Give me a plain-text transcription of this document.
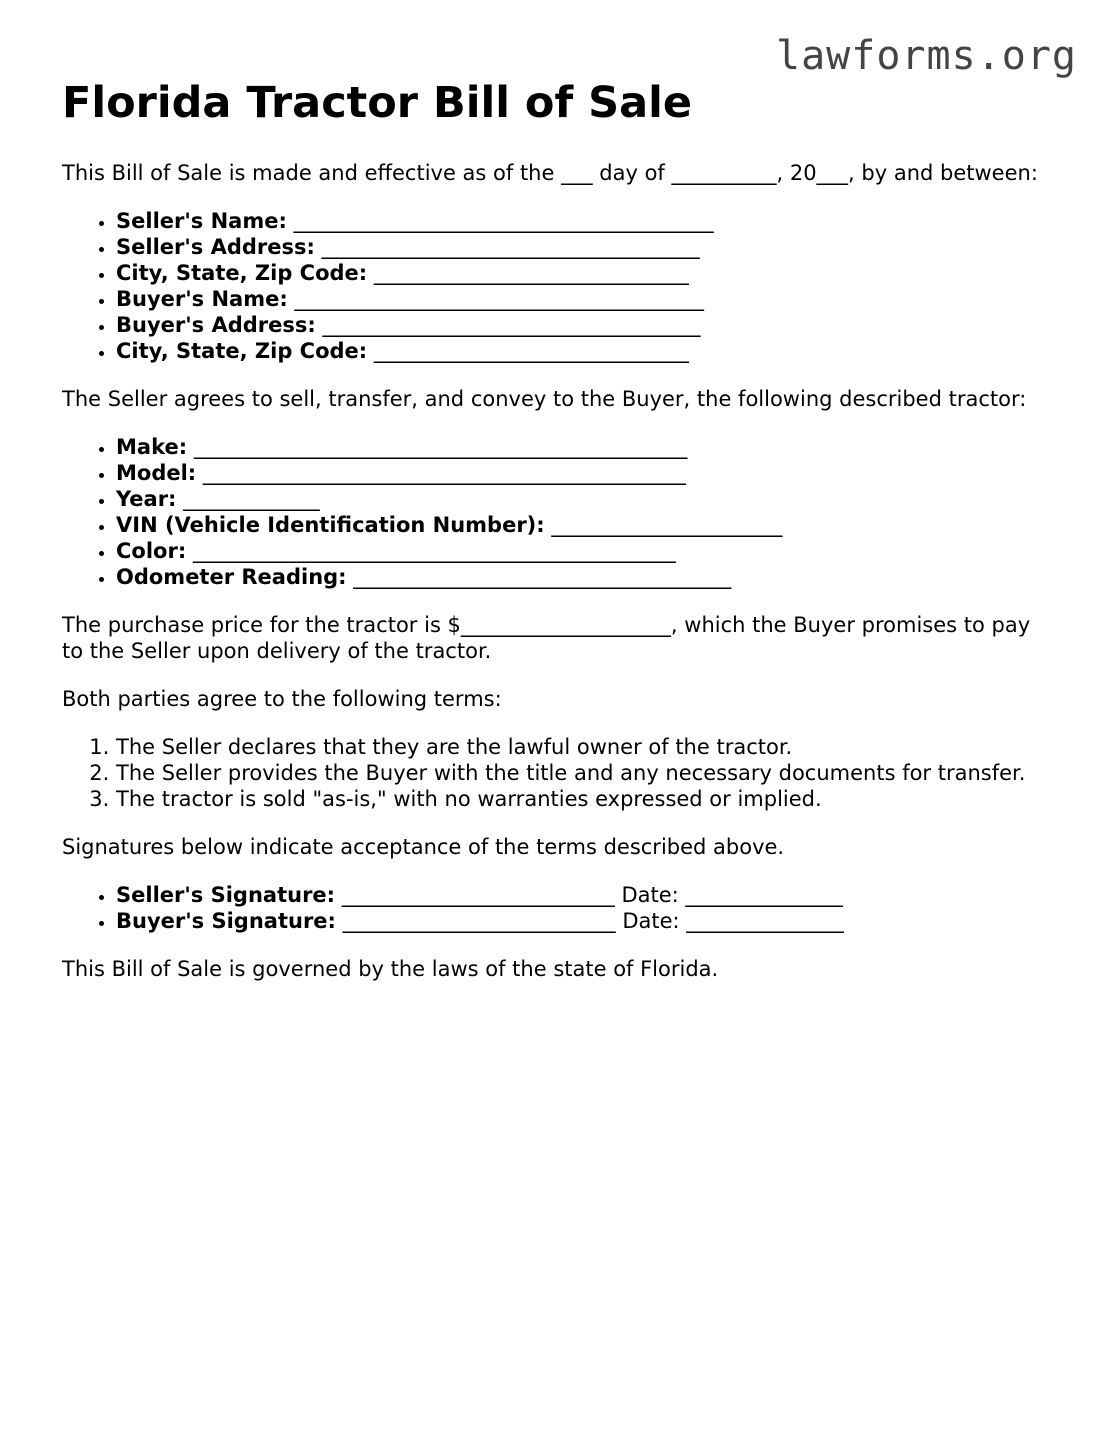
lawforms.org
Florida Tractor Bill of Sale

This Bill of Sale is made and effective as of the ___ day of __________, 20___, by and between:

• Seller's Name: ________________________________________
• Seller's Address: ____________________________________
• City, State, Zip Code: ______________________________
• Buyer's Name: _______________________________________
• Buyer's Address: ____________________________________
• City, State, Zip Code: ______________________________

The Seller agrees to sell, transfer, and convey to the Buyer, the following described tractor:

• Make: _______________________________________________
• Model: ______________________________________________
• Year: _____________
• VIN (Vehicle Identification Number): ______________________
• Color: ______________________________________________
• Odometer Reading: ____________________________________

The purchase price for the tractor is $____________________, which the Buyer promises to pay to the Seller upon delivery of the tractor.

Both parties agree to the following terms:

1. The Seller declares that they are the lawful owner of the tractor.
2. The Seller provides the Buyer with the title and any necessary documents for transfer.
3. The tractor is sold "as-is," with no warranties expressed or implied.

Signatures below indicate acceptance of the terms described above.

• Seller's Signature: __________________________ Date: _______________
• Buyer's Signature: __________________________ Date: _______________

This Bill of Sale is governed by the laws of the state of Florida.
